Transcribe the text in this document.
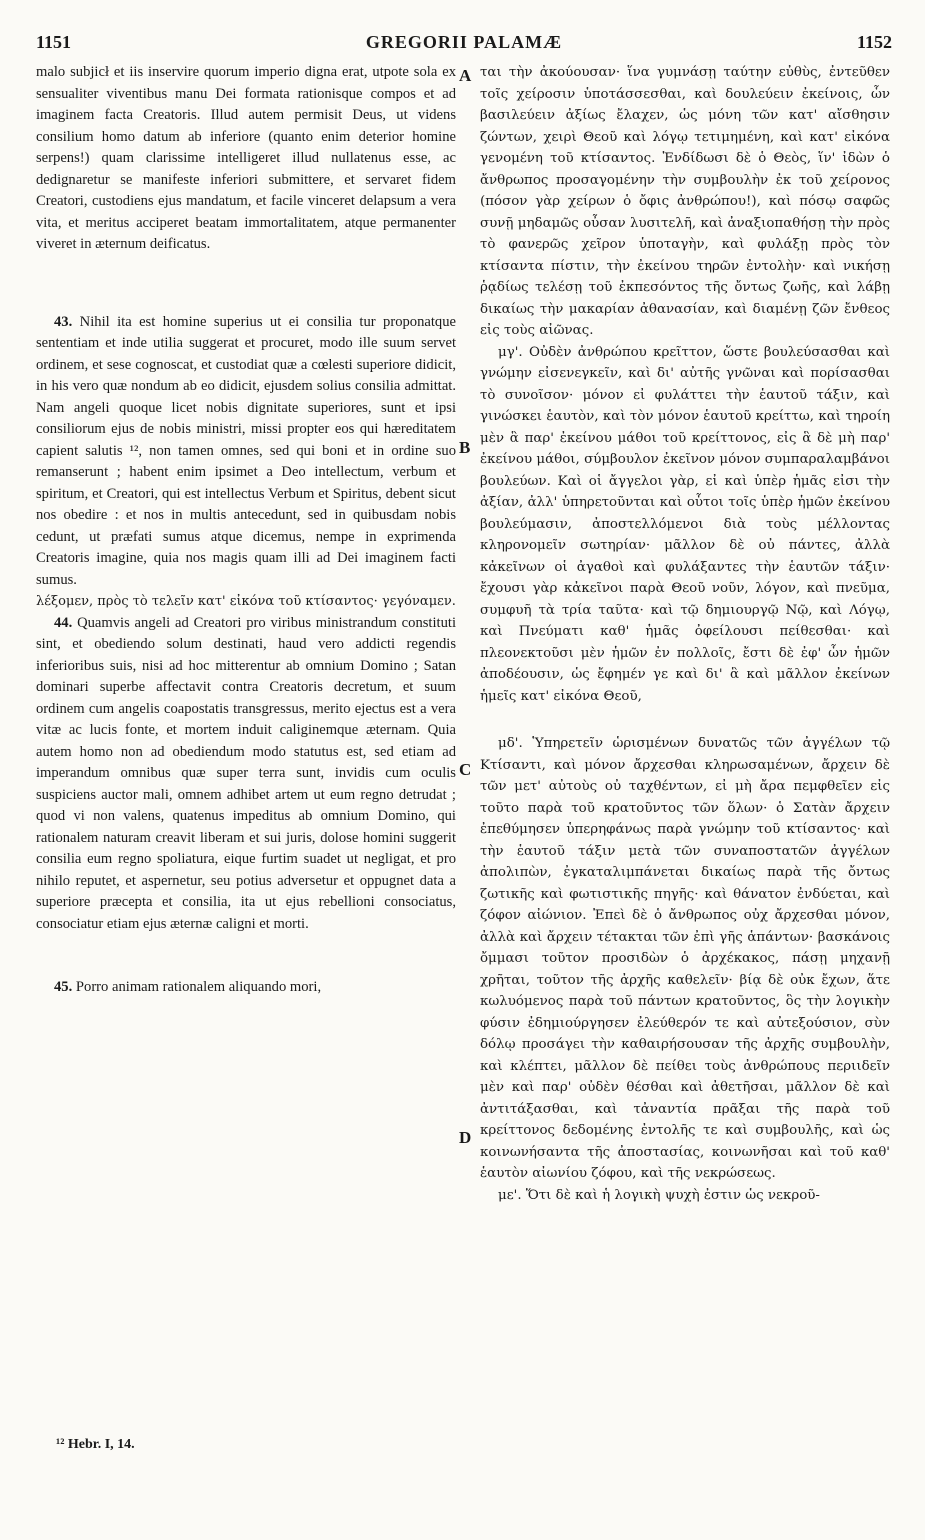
1151	GREGORII PALAMÆ	1152
A
B
C
D

malo subjicł et iis inservire quorum imperio digna erat, utpote sola ex sensualiter viventibus manu Dei formata rationisque compos et ad imaginem facta Creatoris. Illud autem permisit Deus, ut videns consilium homo datum ab inferiore (quanto enim deterior homine serpens!) quam clarissime intelligeret illud nullatenus esse, ac dedignaretur se manifeste inferiori submittere, et servaret fidem Creatori, custodiens ejus mandatum, et facile vinceret delapsum a vera vita, et meritus acciperet beatam immortalitatem, atque permanenter viveret in æternum deificatus.

43. Nihil ita est homine superius ut ei consilia tur proponatque sententiam et inde utilia suggerat et procuret, modo ille suum servet ordinem, et sese cognoscat, et custodiat quæ a cœlesti superiore didicit, in his vero quæ nondum ab eo didicit, ejusdem solius consilia admittat. Nam angeli quoque licet nobis dignitate superiores, sunt et ipsi consiliorum ejus de nobis ministri, missi propter eos qui hæreditatem capient salutis ¹², non tamen omnes, sed qui boni et in ordine suo remanserunt ; habent enim ipsimet a Deo intellectum, verbum et spiritum, et Creatori, qui est intellectus Verbum et Spiritus, debent sicut nos obedire : et nos in multis antecedunt, sed in quibusdam nobis cedunt, ut præfati sumus atque dicemus, nempe in exprimenda Creatoris imagine, quia nos magis quam illi ad Dei imaginem facti sumus.

λέξομεν, πρὸς τὸ τελεῖν κατ' εἰκόνα τοῦ κτίσαντος· γεγόναμεν.

44. Quamvis angeli ad Creatori pro viribus ministrandum constituti sint, et obediendo solum destinati, haud vero addicti regendis inferioribus suis, nisi ad hoc mitterentur ab omnium Domino ; Satan dominari superbe affectavit contra Creatoris decretum, et suum ordinem cum angelis coapostatis transgressus, merito ejectus est a vera vitæ ac lucis fonte, et mortem induit caliginemque æternam. Quia autem homo non ad obediendum modo statutus est, sed etiam ad imperandum omnibus quæ super terra sunt, invidis cum oculis suspiciens auctor mali, omnem adhibet artem ut eum regno detrudat ; quod vi non valens, quatenus impeditus ab omnium Domino, qui rationalem naturam creavit liberam et sui juris, dolose homini suggerit consilia eum regno spoliatura, eique furtim suadet ut negligat, et pro nihilo reputet, et aspernetur, seu potius adversetur et oppugnet data a superiore præcepta et consilia, ita ut ejus rebellioni consociatus, consociatur etiam ejus æternæ caligni et morti.

45. Porro animam rationalem aliquando mori,

ται τὴν ἀκούουσαν· ἵνα γυμνάσῃ ταύτην εὐθὺς, ἐντεῦθεν τοῖς χείροσιν ὑποτάσσεσθαι, καὶ δουλεύειν ἐκείνοις, ὧν βασιλεύειν ἀξίως ἔλαχεν, ὡς μόνη τῶν κατ' αἴσθησιν ζώντων, χειρὶ Θεοῦ καὶ λόγῳ τετιμημένη, καὶ κατ' εἰκόνα γενομένη τοῦ κτίσαντος. Ἐνδίδωσι δὲ ὁ Θεὸς, ἵν' ἰδὼν ὁ ἄνθρωπος προσαγομένην τὴν συμβουλὴν ἐκ τοῦ χείρονος (πόσον γὰρ χείρων ὁ ὄφις ἀνθρώπου!), καὶ πόσῳ σαφῶς συνῇ μηδαμῶς οὖσαν λυσιτελῆ, καὶ ἀναξιοπαθήσῃ τὴν πρὸς τὸ φανερῶς χεῖρον ὑποταγὴν, καὶ φυλάξῃ πρὸς τὸν κτίσαντα πίστιν, τὴν ἐκείνου τηρῶν ἐντολὴν· καὶ νικήσῃ ῥᾳδίως τελέσῃ τοῦ ἐκπεσόντος τῆς ὄντως ζωῆς, καὶ λάβῃ δικαίως τὴν μακαρίαν ἀθανασίαν, καὶ διαμένῃ ζῶν ἔνθεος εἰς τοὺς αἰῶνας.

μγ'. Οὐδὲν ἀνθρώπου κρεῖττον, ὥστε βουλεύσασθαι καὶ γνώμην εἰσενεγκεῖν, καὶ δι' αὐτῆς γνῶναι καὶ πορίσασθαι τὸ συνοῖσον· μόνον εἰ φυλάττει τὴν ἑαυτοῦ τάξιν, καὶ γινώσκει ἑαυτὸν, καὶ τὸν μόνον ἑαυτοῦ κρείττω, καὶ τηροίη μὲν ἃ παρ' ἐκείνου μάθοι τοῦ κρείττονος, εἰς ἃ δὲ μὴ παρ' ἐκείνου μάθοι, σύμβουλον ἐκεῖνον μόνον συμπαραλαμβάνοι βουλεύων. Καὶ οἱ ἄγγελοι γὰρ, εἰ καὶ ὑπὲρ ἡμᾶς εἰσι τὴν ἀξίαν, ἀλλ' ὑπηρετοῦνται καὶ οὗτοι τοῖς ὑπὲρ ἡμῶν ἐκείνου βουλεύμασιν, ἀποστελλόμενοι διὰ τοὺς μέλλοντας κληρονομεῖν σωτηρίαν· μᾶλλον δὲ οὐ πάντες, ἀλλὰ κἀκεῖνων οἱ ἀγαθοὶ καὶ φυλάξαντες τὴν ἑαυτῶν τάξιν· ἔχουσι γὰρ κἀκεῖνοι παρὰ Θεοῦ νοῦν, λόγον, καὶ πνεῦμα, συμφυῆ τὰ τρία ταῦτα· καὶ τῷ δημιουργῷ Νῷ, καὶ Λόγῳ, καὶ Πνεύματι καθ' ἡμᾶς ὀφείλουσι πείθεσθαι· καὶ πλεονεκτοῦσι μὲν ἡμῶν ἐν πολλοῖς, ἔστι δὲ ἐφ' ὧν ἡμῶν ἀποδέουσιν, ὡς ἔφημέν γε καὶ δι' ἃ καὶ μᾶλλον ἐκείνων ἡμεῖς κατ' εἰκόνα Θεοῦ,

μδ'. Ὑπηρετεῖν ὡρισμένων δυνατῶς τῶν ἀγγέλων τῷ Κτίσαντι, καὶ μόνον ἄρχεσθαι κληρωσαμένων, ἄρχειν δὲ τῶν μετ' αὐτοὺς οὐ ταχθέντων, εἰ μὴ ἄρα πεμφθεῖεν εἰς τοῦτο παρὰ τοῦ κρατοῦντος τῶν ὅλων· ὁ Σατὰν ἄρχειν ἐπεθύμησεν ὑπερηφάνως παρὰ γνώμην τοῦ κτίσαντος· καὶ τὴν ἑαυτοῦ τάξιν μετὰ τῶν συναποστατῶν ἀγγέλων ἀπολιπὼν, ἐγκαταλιμπάνεται δικαίως παρὰ τῆς ὄντως ζωτικῆς καὶ φωτιστικῆς πηγῆς· καὶ θάνατον ἐνδύεται, καὶ ζόφον αἰώνιον. Ἐπεὶ δὲ ὁ ἄνθρωπος οὐχ ἄρχεσθαι μόνον, ἀλλὰ καὶ ἄρχειν τέτακται τῶν ἐπὶ γῆς ἁπάντων· βασκάνοις ὄμμασι τοῦτον προσιδὼν ὁ ἀρχέκακος, πάσῃ μηχανῇ χρῆται, τοῦτον τῆς ἀρχῆς καθελεῖν· βίᾳ δὲ οὐκ ἔχων, ἅτε κωλυόμενος παρὰ τοῦ πάντων κρατοῦντος, ὃς τὴν λογικὴν φύσιν ἐδημιούργησεν ἐλεύθερόν τε καὶ αὐτεξούσιον, σὺν δόλῳ προσάγει τὴν καθαιρήσουσαν τῆς ἀρχῆς συμβουλὴν, καὶ κλέπτει, μᾶλλον δὲ πείθει τοὺς ἀνθρώπους περιιδεῖν μὲν καὶ παρ' οὐδὲν θέσθαι καὶ ἀθετῆσαι, μᾶλλον δὲ καὶ ἀντιτάξασθαι, καὶ τἀναντία πρᾶξαι τῆς παρὰ τοῦ κρείττονος δεδομένης ἐντολῆς τε καὶ συμβουλῆς, καὶ ὡς κοινωνήσαντα τῆς ἀποστασίας, κοινωνῆσαι καὶ τοῦ καθ' ἑαυτὸν αἰωνίου ζόφου, καὶ τῆς νεκρώσεως.

με'. Ὅτι δὲ καὶ ἡ λογικὴ ψυχὴ ἐστιν ὡς νεκροῦ-

¹² Hebr. I, 14.
